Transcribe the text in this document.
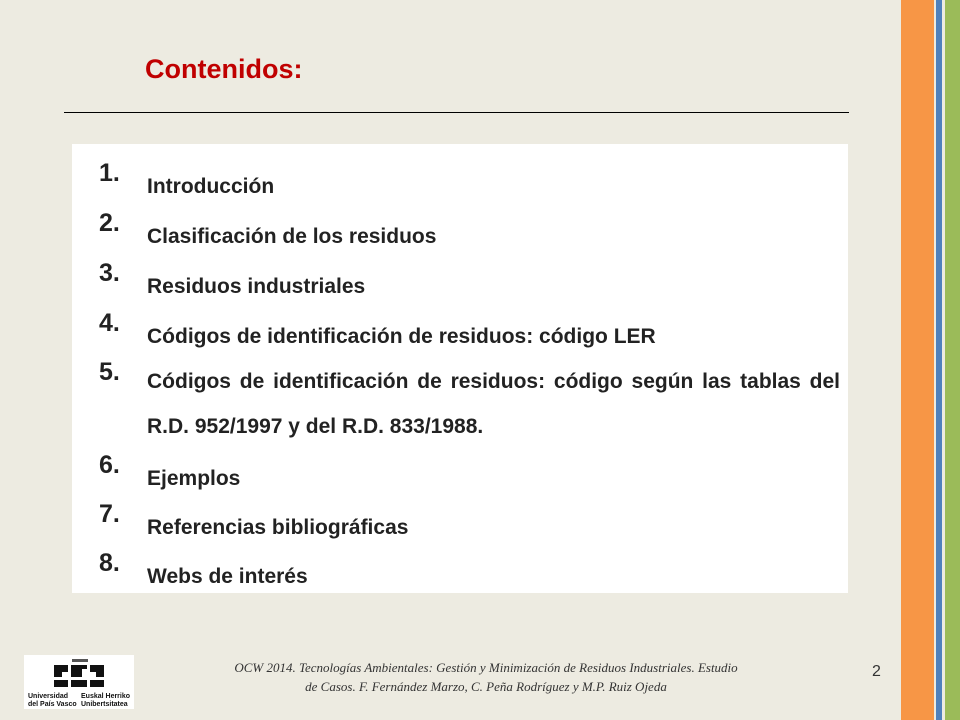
Contenidos:
1. Introducción
2. Clasificación de los residuos
3. Residuos industriales
4. Códigos de identificación de residuos: código LER
5. Códigos de identificación de residuos: código según las tablas del R.D. 952/1997 y del R.D. 833/1988.
6. Ejemplos
7. Referencias bibliográficas
8. Webs de interés
Universidad
del País Vasco
Euskal Herriko
Unibertsitatea
OCW 2014. Tecnologías Ambientales: Gestión y Minimización de Residuos Industriales. Estudio
de Casos. F. Fernández Marzo, C. Peña Rodríguez y M.P. Ruiz Ojeda
2
